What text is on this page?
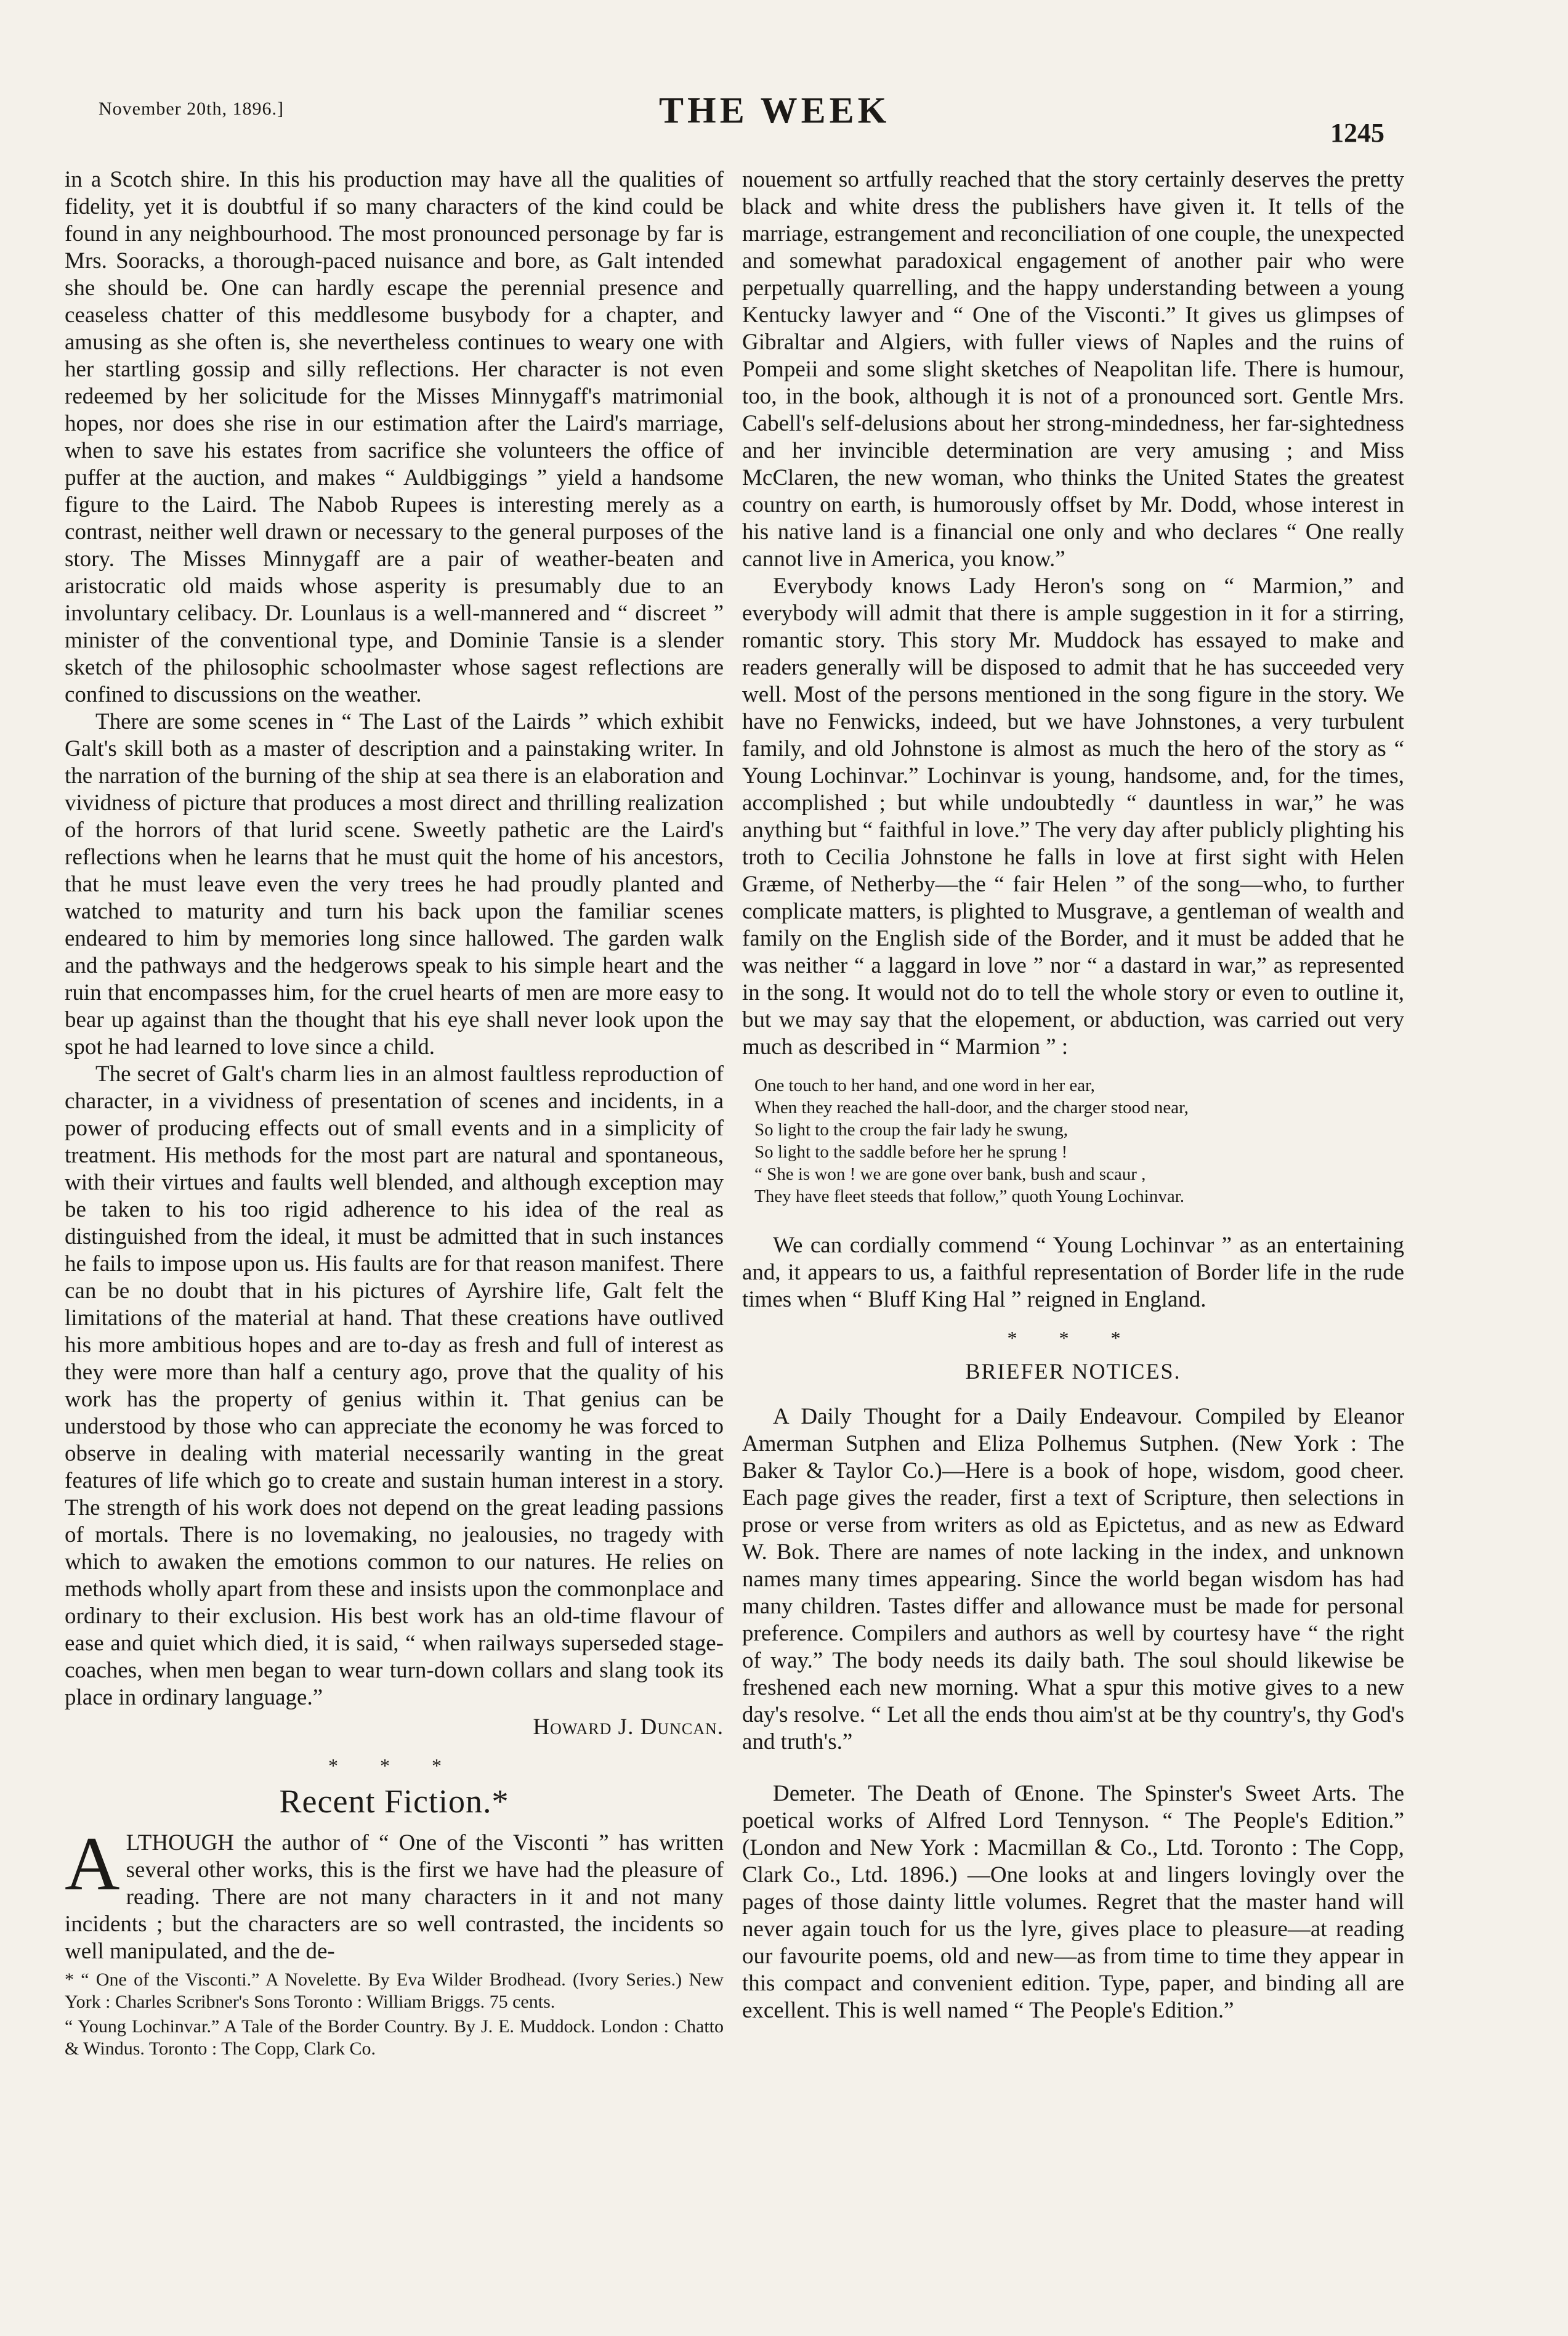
November 20th, 1896.]	THE WEEK
1245

in a Scotch shire. In this his production may have all the qualities of fidelity, yet it is doubtful if so many characters of the kind could be found in any neighbourhood. The most pronounced personage by far is Mrs. Sooracks, a thorough-paced nuisance and bore, as Galt intended she should be. One can hardly escape the perennial presence and ceaseless chatter of this meddlesome busybody for a chapter, and amusing as she often is, she nevertheless continues to weary one with her startling gossip and silly reflections. Her character is not even redeemed by her solicitude for the Misses Minnygaff's matrimonial hopes, nor does she rise in our estimation after the Laird's marriage, when to save his estates from sacrifice she volunteers the office of puffer at the auction, and makes “ Auldbiggings ” yield a handsome figure to the Laird. The Nabob Rupees is interesting merely as a contrast, neither well drawn or necessary to the general purposes of the story. The Misses Minnygaff are a pair of weather-beaten and aristocratic old maids whose asperity is presumably due to an involuntary celibacy. Dr. Lounlaus is a well-mannered and “ discreet ” minister of the conventional type, and Dominie Tansie is a slender sketch of the philosophic schoolmaster whose sagest reflections are confined to discussions on the weather.

There are some scenes in “ The Last of the Lairds ” which exhibit Galt's skill both as a master of description and a painstaking writer. In the narration of the burning of the ship at sea there is an elaboration and vividness of picture that produces a most direct and thrilling realization of the horrors of that lurid scene. Sweetly pathetic are the Laird's reflections when he learns that he must quit the home of his ancestors, that he must leave even the very trees he had proudly planted and watched to maturity and turn his back upon the familiar scenes endeared to him by memories long since hallowed. The garden walk and the pathways and the hedgerows speak to his simple heart and the ruin that encompasses him, for the cruel hearts of men are more easy to bear up against than the thought that his eye shall never look upon the spot he had learned to love since a child.

The secret of Galt's charm lies in an almost faultless reproduction of character, in a vividness of presentation of scenes and incidents, in a power of producing effects out of small events and in a simplicity of treatment. His methods for the most part are natural and spontaneous, with their virtues and faults well blended, and although exception may be taken to his too rigid adherence to his idea of the real as distinguished from the ideal, it must be admitted that in such instances he fails to impose upon us. His faults are for that reason manifest. There can be no doubt that in his pictures of Ayrshire life, Galt felt the limitations of the material at hand. That these creations have outlived his more ambitious hopes and are to-day as fresh and full of interest as they were more than half a century ago, prove that the quality of his work has the property of genius within it. That genius can be understood by those who can appreciate the economy he was forced to observe in dealing with material necessarily wanting in the great features of life which go to create and sustain human interest in a story. The strength of his work does not depend on the great leading passions of mortals. There is no lovemaking, no jealousies, no tragedy with which to awaken the emotions common to our natures. He relies on methods wholly apart from these and insists upon the commonplace and ordinary to their exclusion. His best work has an old-time flavour of ease and quiet which died, it is said, “ when railways superseded stage-coaches, when men began to wear turn-down collars and slang took its place in ordinary language.”

Howard J. Duncan.
* * *
Recent Fiction.*

ALTHOUGH the author of “ One of the Visconti ” has written several other works, this is the first we have had the pleasure of reading. There are not many characters in it and not many incidents ; but the characters are so well contrasted, the incidents so well manipulated, and the de-

* “ One of the Visconti.” A Novelette. By Eva Wilder Brodhead. (Ivory Series.) New York : Charles Scribner's Sons Toronto : William Briggs. 75 cents.

“ Young Lochinvar.” A Tale of the Border Country. By J. E. Muddock. London : Chatto & Windus. Toronto : The Copp, Clark Co.

nouement so artfully reached that the story certainly deserves the pretty black and white dress the publishers have given it. It tells of the marriage, estrangement and reconciliation of one couple, the unexpected and somewhat paradoxical engagement of another pair who were perpetually quarrelling, and the happy understanding between a young Kentucky lawyer and “ One of the Visconti.” It gives us glimpses of Gibraltar and Algiers, with fuller views of Naples and the ruins of Pompeii and some slight sketches of Neapolitan life. There is humour, too, in the book, although it is not of a pronounced sort. Gentle Mrs. Cabell's self-delusions about her strong-mindedness, her far-sightedness and her invincible determination are very amusing ; and Miss McClaren, the new woman, who thinks the United States the greatest country on earth, is humorously offset by Mr. Dodd, whose interest in his native land is a financial one only and who declares “ One really cannot live in America, you know.”

Everybody knows Lady Heron's song on “ Marmion,” and everybody will admit that there is ample suggestion in it for a stirring, romantic story. This story Mr. Muddock has essayed to make and readers generally will be disposed to admit that he has succeeded very well. Most of the persons mentioned in the song figure in the story. We have no Fenwicks, indeed, but we have Johnstones, a very turbulent family, and old Johnstone is almost as much the hero of the story as “ Young Lochinvar.” Lochinvar is young, handsome, and, for the times, accomplished ; but while undoubtedly “ dauntless in war,” he was anything but “ faithful in love.” The very day after publicly plighting his troth to Cecilia Johnstone he falls in love at first sight with Helen Græme, of Netherby—the “ fair Helen ” of the song—who, to further complicate matters, is plighted to Musgrave, a gentleman of wealth and family on the English side of the Border, and it must be added that he was neither “ a laggard in love ” nor “ a dastard in war,” as represented in the song. It would not do to tell the whole story or even to outline it, but we may say that the elopement, or abduction, was carried out very much as described in “ Marmion ” :

One touch to her hand, and one word in her ear,
When they reached the hall-door, and the charger stood near,
So light to the croup the fair lady he swung,
So light to the saddle before her he sprung !
“ She is won ! we are gone over bank, bush and scaur ,
They have fleet steeds that follow,” quoth Young Lochinvar.

We can cordially commend “ Young Lochinvar ” as an entertaining and, it appears to us, a faithful representation of Border life in the rude times when “ Bluff King Hal ” reigned in England.

* * *
BRIEFER NOTICES.

A Daily Thought for a Daily Endeavour. Compiled by Eleanor Amerman Sutphen and Eliza Polhemus Sutphen. (New York : The Baker & Taylor Co.)—Here is a book of hope, wisdom, good cheer. Each page gives the reader, first a text of Scripture, then selections in prose or verse from writers as old as Epictetus, and as new as Edward W. Bok. There are names of note lacking in the index, and unknown names many times appearing. Since the world began wisdom has had many children. Tastes differ and allowance must be made for personal preference. Compilers and authors as well by courtesy have “ the right of way.” The body needs its daily bath. The soul should likewise be freshened each new morning. What a spur this motive gives to a new day's resolve. “ Let all the ends thou aim'st at be thy country's, thy God's and truth's.”

Demeter. The Death of Œnone. The Spinster's Sweet Arts. The poetical works of Alfred Lord Tennyson. “ The People's Edition.” (London and New York : Macmillan & Co., Ltd. Toronto : The Copp, Clark Co., Ltd. 1896.) —One looks at and lingers lovingly over the pages of those dainty little volumes. Regret that the master hand will never again touch for us the lyre, gives place to pleasure—at reading our favourite poems, old and new—as from time to time they appear in this compact and convenient edition. Type, paper, and binding all are excellent. This is well named “ The People's Edition.”
